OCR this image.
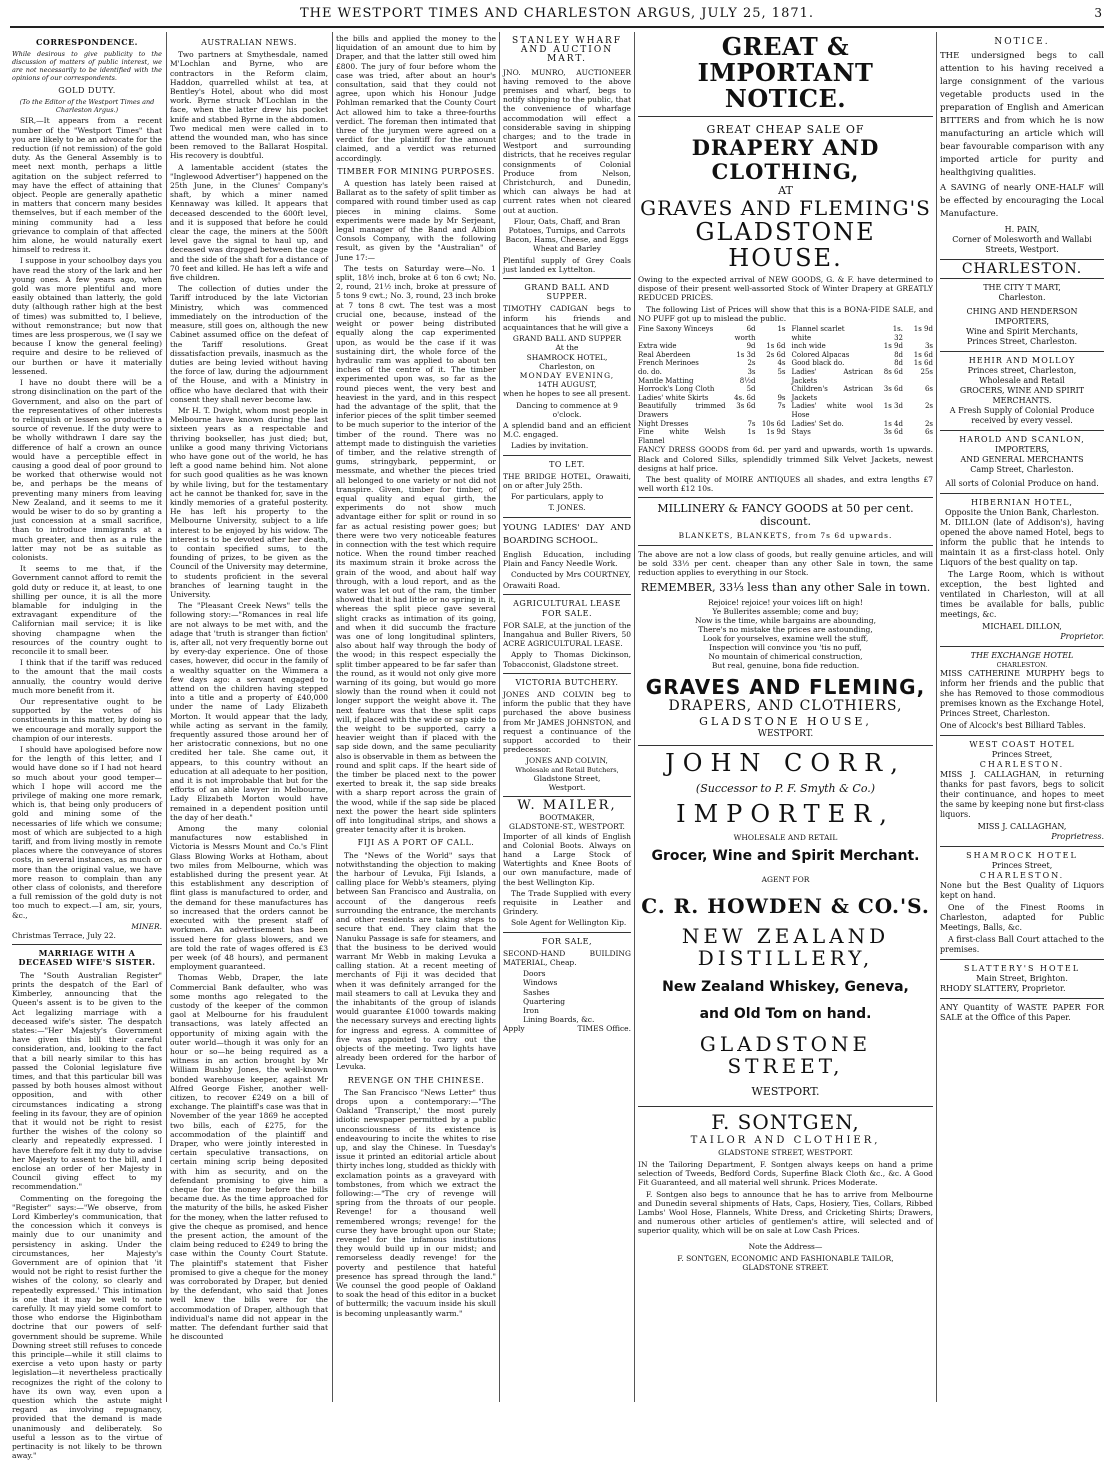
THE WESTPORT TIMES AND CHARLESTON ARGUS, JULY 25, 1871.	3
CORRESPONDENCE.

While desirous to give publicity to the discussion of matters of public interest, we are not necessarily to be identified with the opinions of our correspondents.

GOLD DUTY.

(To the Editor of the Westport Times and Charleston Argus.)

SIR,—It appears from a recent number of the "Westport Times" that you are likely to be an advocate for the reduction (if not remission) of the gold duty. As the General Assembly is to meet next month, perhaps a little agitation on the subject referred to may have the effect of attaining that object. People are generally apathetic in matters that concern many besides themselves, but if each member of the mining community had a less grievance to complain of that affected him alone, he would naturally exert himself to redress it.

I suppose in your schoolboy days you have read the story of the lark and her young ones. A few years ago, when gold was more plentiful and more easily obtained than latterly, the gold duty (although rather high at the best of times) was submitted to, I believe, without remonstrance; but now that times are less prosperous, we (I say we because I know the general feeling) require and desire to be relieved of our burthen or have it materially lessened.

I have no doubt there will be a strong disinclination on the part of the Government, and also on the part of the representatives of other interests to relinquish or lessen so productive a source of revenue. If the duty were to be wholly withdrawn I dare say the difference of half a crown an ounce would have a perceptible effect in causing a good deal of poor ground to be worked that otherwise would not be, and perhaps be the means of preventing many miners from leaving New Zealand, and it seems to me it would be wiser to do so by granting a just concession at a small sacrifice, than to introduce immigrants at a much greater, and then as a rule the latter may not be as suitable as colonists.

It seems to me that, if the Government cannot afford to remit the gold duty or reduce it, at least, to one shilling per ounce, it is all the more blamable for indulging in the extravagant expenditure of the Californian mail service; it is like shoving champagne when the resources of the country ought to reconcile it to small beer.

I think that if the tariff was reduced to the amount that the mail costs annually, the country would derive much more benefit from it.

Our representative ought to be supported by the votes of his constituents in this matter, by doing so we encourage and morally support the champion of our interests.

I should have apologised before now for the length of this letter, and I would have done so if I had not heard so much about your good temper—which I hope will accord me the privilege of making one more remark, which is, that being only producers of gold and mining some of the necessaries of life which we consume; most of which are subjected to a high tariff, and from living mostly in remote places where the conveyance of stores costs, in several instances, as much or more than the original value, we have more reason to complain than any other class of colonists, and therefore a full remission of the gold duty is not too much to expect.—I am, sir, yours, &c.,

MINER.

Christmas Terrace, July 22.

MARRIAGE WITH A DECEASED WIFE'S SISTER.

The "South Australian Register" prints the despatch of the Earl of Kimberley, announcing that the Queen's assent is to be given to the Act legalizing marriage with a deceased wife's sister. The despatch states:—"Her Majesty's Government have given this bill their careful consideration, and, looking to the fact that a bill nearly similar to this has passed the Colonial legislature five times, and that this particular bill was passed by both houses almost without opposition, and with other circumstances indicating a strong feeling in its favour, they are of opinion that it would not be right to resist further the wishes of the colony so clearly and repeatedly expressed. I have therefore felt it my duty to advise her Majesty to assent to the bill, and I enclose an order of her Majesty in Council giving effect to my recommendation."

Commenting on the foregoing the "Register" says:—"We observe, from Lord Kimberley's communication, that the concession which it conveys is mainly due to our unanimity and persistency in asking. Under the circumstances, her Majesty's Government are of opinion that 'it would not be right to resist further the wishes of the colony, so clearly and repeatedly expressed.' This intimation is one that it may be well to note carefully. It may yield some comfort to those who endorse the Higinbotham doctrine that our powers of self-government should be supreme. While Downing street still refuses to concede this principle—while it still claims to exercise a veto upon hasty or party legislation—it nevertheless practically recognizes the right of the colony to have its own way, even upon a question which the astute might regard as involving repugnancy, provided that the demand is made unanimously and deliberately. So useful a lesson as to the virtue of pertinacity is not likely to be thrown away."

AUSTRALIAN NEWS.

Two partners at Smythesdale, named M'Lochlan and Byrne, who are contractors in the Reform claim, Haddon, quarrelled whilst at tea, at Bentley's Hotel, about who did most work. Byrne struck M'Lochlan in the face, when the latter drew his pocket knife and stabbed Byrne in the abdomen. Two medical men were called in to attend the wounded man, who has since been removed to the Ballarat Hospital. His recovery is doubtful.

A lamentable accident (states the "Inglewood Advertiser") happened on the 25th June, in the Clunes' Company's shaft, by which a miner named Kennaway was killed. It appears that deceased descended to the 600ft level, and it is supposed that before he could clear the cage, the miners at the 500ft level gave the signal to haul up, and deceased was dragged between the cage and the side of the shaft for a distance of 70 feet and killed. He has left a wife and five children.

The collection of duties under the Tariff introduced by the late Victorian Ministry, which was commenced immediately on the introduction of the measure, still goes on, although the new Cabinet assumed office on the defeat of the Tariff resolutions. Great dissatisfaction prevails, inasmuch as the duties are being levied without having the force of law, during the adjournment of the House, and with a Ministry in office who have declared that with their consent they shall never become law.

Mr H. T. Dwight, whom most people in Melbourne have known during the last sixteen years as a respectable and thriving bookseller, has just died; but, unlike a good many thriving Victorians who have gone out of the world, he has left a good name behind him. Not alone for such good qualities as he was known by while living, but for the testamentary act he cannot be thanked for, save in the kindly memories of a grateful posterity. He has left his property to the Melbourne University, subject to a life interest to be enjoyed by his widow. The interest is to be devoted after her death, to contain specified sums, to the founding of prizes, to be given as the Council of the University may determine, to students proficient in the several branches of learning taught in the University.

The "Pleasant Creek News" tells the following story:—"Romances in real life are not always to be met with, and the adage that 'truth is stranger than fiction' is, after all, not very frequently borne out by every-day experience. One of those cases, however, did occur in the family of a wealthy squatter on the Wimmera a few days ago: a servant engaged to attend on the children having stepped into a title and a property of £40,000 under the name of Lady Elizabeth Morton. It would appear that the lady, while acting as servant in the family, frequently assured those around her of her aristocratic connexions, but no one credited her tale. She came out, it appears, to this country without an education at all adequate to her position, and it is not improbable that but for the efforts of an able lawyer in Melbourne, Lady Elizabeth Morton would have remained in a dependent position until the day of her death."

Among the many colonial manufactures now established in Victoria is Messrs Mount and Co.'s Flint Glass Blowing Works at Hotham, about two miles from Melbourne, which was established during the present year. At this establishment any description of flint glass is manufactured to order, and the demand for these manufactures has so increased that the orders cannot be executed with the present staff of workmen. An advertisement has been issued here for glass blowers, and we are told the rate of wages offered is £3 per week (of 48 hours), and permanent employment guaranteed.

Thomas Webb, Draper, the late Commercial Bank defaulter, who was some months ago relegated to the custody of the keeper of the common gaol at Melbourne for his fraudulent transactions, was lately affected an opportunity of mixing again with the outer world—though it was only for an hour or so—he being required as a witness in an action brought by Mr William Bushby Jones, the well-known bonded warehouse keeper, against Mr Alfred George Fisher, another well-citizen, to recover £249 on a bill of exchange. The plaintiff's case was that in November of the year 1869 he accepted two bills, each of £275, for the accommodation of the plaintiff and Draper, who were jointly interested in certain speculative transactions, on certain mining scrip being deposited with him as security, and on the defendant promising to give him a cheque for the money before the bills became due. As the time approached for the maturity of the bills, he asked Fisher for the money, when the latter refused to give the cheque as promised, and hence the present action, the amount of the claim being reduced to £249 to bring the case within the County Court Statute. The plaintiff's statement that Fisher promised to give a cheque for the money was corroborated by Draper, but denied by the defendant, who said that Jones well knew the bills were for the accommodation of Draper, although that individual's name did not appear in the matter. The defendant further said that he discounted

the bills and applied the money to the liquidation of an amount due to him by Draper, and that the latter still owed him £800. The jury of four before whom the case was tried, after about an hour's consultation, said that they could not agree, upon which his Honour Judge Pohlman remarked that the County Court Act allowed him to take a three-fourths verdict. The foreman then intimated that three of the jurymen were agreed on a verdict for the plaintiff for the amount claimed, and a verdict was returned accordingly.

TIMBER FOR MINING PURPOSES.

A question has lately been raised at Ballarat as to the safety of split timber as compared with round timber used as cap pieces in mining claims. Some experiments were made by Mr Serjeant, legal manager of the Band and Albion Consols Company, with the following result, as given by the "Australian" of June 17:—

The tests on Saturday were—No. 1 split, 18½ inch, broke at 6 ton 6 cwt; No. 2, round, 21½ inch, broke at pressure of 5 tons 9 cwt.; No. 3, round, 23 inch broke at 7 tons 8 cwt. The test was a most crucial one, because, instead of the weight or power being distributed equally along the cap experimented upon, as would be the case if it was sustaining dirt, the whole force of the hydraulic ram was applied to about ten inches of the centre of it. The timber experimented upon was, so far as the round pieces went, the very best and heaviest in the yard, and in this respect had the advantage of the split, that the inferior pieces of the split timber seemed to be much superior to the interior of the timber of the round. There was no attempt made to distinguish the varieties of timber, and the relative strength of gums, stringybark, peppermint, or messmate, and whether the pieces tried all belonged to one variety or not did not transpire. Given, timber for timber, of equal quality and equal girth, the experiments do not show much advantage either for split or round in so far as actual resisting power goes; but there were two very noticeable features in connection with the test which require notice. When the round timber reached its maximum strain it broke across the grain of the wood, and about half way through, with a loud report, and as the water was let out of the ram, the timber showed that it had little or no spring in it, whereas the split piece gave several slight cracks as intimation of its going, and when it did succumb the fracture was one of long longitudinal splinters, also about half way through the body of the wood; in this respect especially the split timber appeared to be far safer than the round, as it would not only give more warning of its going, but would go more slowly than the round when it could not longer support the weight above it. The next feature was that these split caps will, if placed with the wide or sap side to the weight to be supported, carry a heavier weight than if placed with the sap side down, and the same peculiarity also is observable in them as between the round and split caps. If the heart side of the timber be placed next to the power exerted to break it, the sap side breaks with a sharp report across the grain of the wood, while if the sap side be placed next the power the heart side splinters off into longitudinal strips, and shows a greater tenacity after it is broken.

FIJI AS A PORT OF CALL.

The "News of the World" says that notwithstanding the objection to making the harbour of Levuka, Fiji Islands, a calling place for Webb's steamers, plying between San Francisco and Australia, on account of the dangerous reefs surrounding the entrance, the merchants and other residents are taking steps to secure that end. They claim that the Nanuku Passage is safe for steamers, and that the business to be derived would warrant Mr Webb in making Levuka a calling station. At a recent meeting of merchants of Fiji it was decided that when it was definitely arranged for the mail steamers to call at Levuka they and the inhabitants of the group of islands would guarantee £1000 towards making the necessary surveys and erecting lights for ingress and egress. A committee of five was appointed to carry out the objects of the meeting. Two lights have already been ordered for the harbor of Levuka.

REVENGE ON THE CHINESE.

The San Francisco "News Letter" thus drops upon a contemporary:—"The Oakland 'Transcript,' the most purely idiotic newspaper permitted by a public unconsciousness of its existence is endeavouring to incite the whites to rise up, and slay the Chinese. In Tuesday's issue it printed an editorial article about thirty inches long, studded as thickly with exclamation points as a graveyard with tombstones, from which we extract the following:—"The cry of revenge will spring from the throats of our people. Revenge! for a thousand well remembered wrongs; revenge! for the curse they have brought upon our State; revenge! for the infamous institutions they would build up in our midst; and remorseless deadly revenge! for the poverty and pestilence that hateful presence has spread through the land." We counsel the good people of Oakland to soak the head of this editor in a bucket of buttermilk; the vacuum inside his skull is becoming unpleasantly warm."

STANLEY WHARF AND AUCTION MART.

JNO. MUNRO, AUCTIONEER having removed to the above premises and wharf, begs to notify shipping to the public, that the convenience of wharfage accommodation will effect a considerable saving in shipping charges; and to the trade in Westport and surrounding districts, that he receives regular consignments of Colonial Produce from Nelson, Christchurch, and Dunedin, which can always be had at current rates when not cleared out at auction.

Flour, Oats, Chaff, and Bran
Potatoes, Turnips, and Carrots
Bacon, Hams, Cheese, and Eggs
Wheat and Barley

Plentiful supply of Grey Coals just landed ex Lyttelton.

GRAND BALL AND SUPPER.

TIMOTHY CADIGAN begs to inform his friends and acquaintances that he will give a

GRAND BALL AND SUPPER
At the
SHAMROCK HOTEL,
Charleston, on
MONDAY EVENING,
14TH AUGUST,

when he hopes to see all present.

Dancing to commence at 9 o'clock.

A splendid band and an efficient M.C. engaged.

Ladies by invitation.

TO LET.

THE BRIDGE HOTEL, Orawaiti, on or after July 25th.

For particulars, apply to

T. JONES.

YOUNG LADIES' DAY AND BOARDING SCHOOL.

English Education, including Plain and Fancy Needle Work.

Conducted by Mrs COURTNEY,

Orawaiti Road.

AGRICULTURAL LEASE FOR SALE.

FOR SALE, at the junction of the Inangahua and Buller Rivers, 50 ACRE AGRICULTURAL LEASE.

Apply to Thomas Dickinson, Tobacconist, Gladstone street.

VICTORIA BUTCHERY.

JONES AND COLVIN beg to inform the public that they have purchased the above business from Mr JAMES JOHNSTON, and request a continuance of the support accorded to their predecessor.

JONES AND COLVIN,
Wholesale and Retail Butchers,
Gladstone Street,
Westport.
W. MAILER,
BOOTMAKER,
GLADSTONE-ST., WESTPORT.

Importer of all kinds of English and Colonial Boots. Always on hand a Large Stock of Watertights and Knee Boots of our own manufacture, made of the best Wellington Kip.

The Trade Supplied with every requisite in Leather and Grindery.

Sole Agent for Wellington Kip.

FOR SALE,

SECOND-HAND BUILDING MATERIAL, Cheap.

Doors
Windows
Sashes
Quartering
Iron
Lining Boards, &c.
Apply	TIMES Office.
GREAT & IMPORTANT NOTICE.
GREAT CHEAP SALE OF
DRAPERY AND CLOTHING,
AT
GRAVES AND FLEMING'S
GLADSTONE HOUSE.

Owing to the expected arrival of NEW GOODS, G. & F. have determined to dispose of their present well-assorted Stock of Winter Drapery at GREATLY REDUCED PRICES.

The following List of Prices will show that this is a BONA-FIDE SALE, and NO PUFF got up to mislead the public.

Fine Saxony Winceys	6d worth
1s
Extra wide	9d	1s 6d
Real Aberdeen	1s 3d	2s 6d
French Merinoes	2s	4s
do. do.	3s	5s
Mantle Matting	8½d
Horrock's Long Cloth	5d
Ladies' white Skirts	4s. 6d	9s
Beautifully trimmed Drawers
3s 6d	7s
Night Dresses	7s 10s 6d
Fine white Welsh Flannel
1s	1s 9d

Flannel scarlet	1s.	1s 9d
white	32
inch wide	1s 9d	3s
Colored Alpacas	8d	1s 6d
Good black do.	8d	1s 6d
Ladies' Astrican Jackets
8s 6d	25s
Children's Astrican Jackets
3s 6d	6s
Ladies' white wool Hose
1s 3d	2s
Ladies' Set do.	1s 4d	2s
Stays	3s 6d	6s

FANCY DRESS GOODS from 6d. per yard and upwards, worth 1s upwards. Black and Colored Silks, splendidly trimmed Silk Velvet Jackets, newest designs at half price.

The best quality of MOIRE ANTIQUES all shades, and extra lengths £7 well worth £12 10s.

MILLINERY & FANCY GOODS at 50 per cent. discount.
BLANKETS, BLANKETS, from 7s 6d upwards.

The above are not a low class of goods, but really genuine articles, and will be sold 33⅓ per cent. cheaper than any other Sale in town, the same reduction applies to everything in our Stock.

REMEMBER, 33⅓ less than any other Sale in town.
Rejoice! rejoice! your voices lift on high!
Ye Bullerites assemble; come and buy;
Now is the time, while bargains are abounding,
There's no mistake the prices are astounding,
Look for yourselves, examine well the stuff,
Inspection will convince you 'tis no puff,
No mountain of chimerical construction,
But real, genuine, bona fide reduction.
GRAVES AND FLEMING,
DRAPERS, AND CLOTHIERS,
GLADSTONE HOUSE,
WESTPORT.
JOHN CORR,
(Successor to P. F. Smyth & Co.)
IMPORTER,
WHOLESALE AND RETAIL
Grocer, Wine and Spirit Merchant.
AGENT FOR
C. R. HOWDEN & CO.'S.
NEW ZEALAND DISTILLERY,
New Zealand Whiskey, Geneva,
and Old Tom on hand.
GLADSTONE STREET,
WESTPORT.
F. SONTGEN,
TAILOR AND CLOTHIER,
GLADSTONE STREET, WESTPORT.

IN the Tailoring Department, F. Sontgen always keeps on hand a prime selection of Tweeds, Bedford Cords, Superfine Black Cloth &c., &c. A Good Fit Guaranteed, and all material well shrunk. Prices Moderate.

F. Sontgen also begs to announce that he has to arrive from Melbourne and Dunedin several shipments of Hats, Caps, Hosiery, Ties, Collars, Ribbed Lambs' Wool Hose, Flannels, White Dress, and Cricketing Shirts; Drawers, and numerous other articles of gentlemen's attire, will selected and of superior quality, which will be on sale at Low Cash Prices.

Note the Address—
F. SONTGEN, ECONOMIC AND FASHIONABLE TAILOR,
GLADSTONE STREET.
NOTICE.

THE undersigned begs to call attention to his having received a large consignment of the various vegetable products used in the preparation of English and American BITTERS and from which he is now manufacturing an article which will bear favourable comparison with any imported article for purity and healthgiving qualities.

A SAVING of nearly ONE-HALF will be effected by encouraging the Local Manufacture.

H. PAIN,

Corner of Molesworth and Wallabi Streets, Westport.

CHARLESTON.
THE CITY T MART,
Charleston.
CHING AND HENDERSON IMPORTERS,
Wine and Spirit Merchants,
Princes Street, Charleston.
HEHIR AND MOLLOY
Princes street, Charleston,
Wholesale and Retail
GROCERS, WINE AND SPIRIT
MERCHANTS.

A Fresh Supply of Colonial Produce received by every vessel.

HAROLD AND SCANLON,
IMPORTERS,
AND GENERAL MERCHANTS
Camp Street, Charleston.
All sorts of Colonial Produce on hand.
HIBERNIAN HOTEL,
Opposite the Union Bank, Charleston.

M. DILLON (late of Addison's), having opened the above named Hotel, begs to inform the public that he intends to maintain it as a first-class hotel. Only Liquors of the best quality on tap.

The Large Room, which is without exception, the best lighted and ventilated in Charleston, will at all times be available for balls, public meetings, &c.

MICHAEL DILLON,
Proprietor.
THE EXCHANGE HOTEL
CHARLESTON.

MISS CATHERINE MURPHY begs to inform her friends and the public that she has Removed to those commodious premises known as the Exchange Hotel, Princes Street, Charleston.

One of Alcock's best Billiard Tables.

WEST COAST HOTEL
Princes Street,
CHARLESTON.

MISS J. CALLAGHAN, in returning thanks for past favors, begs to solicit their continuance, and hopes to meet the same by keeping none but first-class liquors.

MISS J. CALLAGHAN,
Proprietress.
SHAMROCK HOTEL
Princes Street,
CHARLESTON.

None but the Best Quality of Liquors kept on hand.

One of the Finest Rooms in Charleston, adapted for Public Meetings, Balls, &c.

A first-class Ball Court attached to the premises.

SLATTERY'S HOTEL
Main Street, Brighton.

RHODY SLATTERY, Proprietor.

ANY Quantity of WASTE PAPER FOR SALE at the Office of this Paper.
